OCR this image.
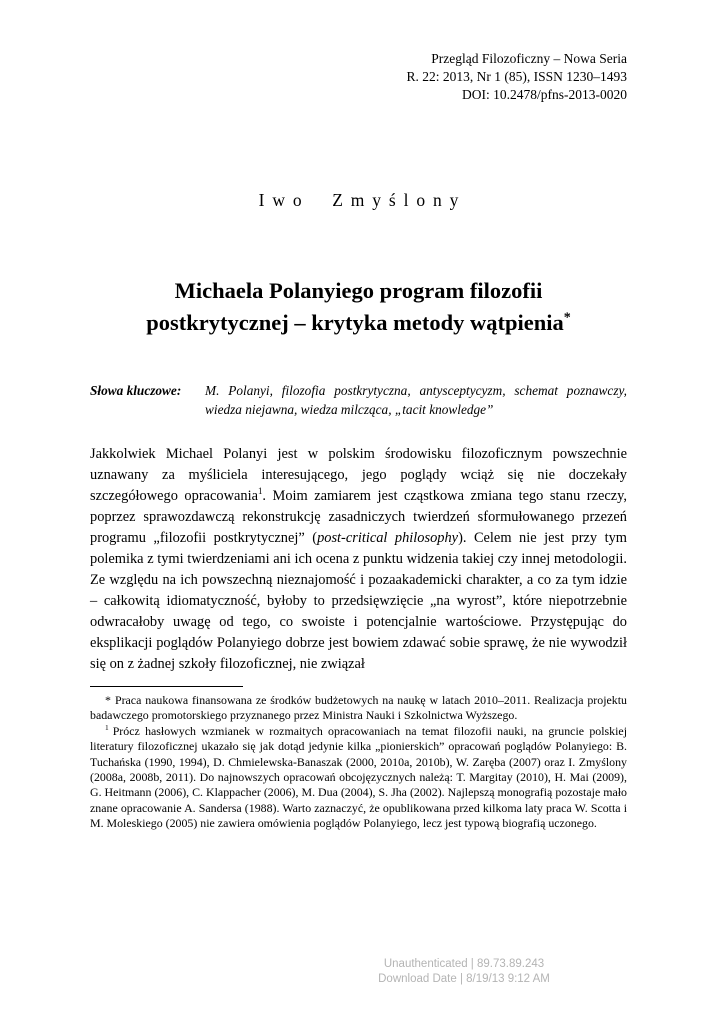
Przegląd Filozoficzny – Nowa Seria
R. 22: 2013, Nr 1 (85), ISSN 1230–1493
DOI: 10.2478/pfns-2013-0020
Iwo Zmyślony
Michaela Polanyiego program filozofii
postkrytycznej – krytyka metody wątpienia*
Słowa kluczowe:	M. Polanyi, filozofia postkrytyczna, antysceptycyzm, schemat poznawczy, wiedza niejawna, wiedza milcząca, „tacit knowledge”

Jakkolwiek Michael Polanyi jest w polskim środowisku filozoficznym powszechnie uznawany za myśliciela interesującego, jego poglądy wciąż się nie doczekały szczegółowego opracowania$^1$. Moim zamiarem jest cząstkowa zmiana tego stanu rzeczy, poprzez sprawozdawczą rekonstrukcję zasadniczych twierdzeń sformułowanego przezeń programu „filozofii postkrytycznej” (post-critical philosophy). Celem nie jest przy tym polemika z tymi twierdzeniami ani ich ocena z punktu widzenia takiej czy innej metodologii. Ze względu na ich powszechną nieznajomość i pozaakademicki charakter, a co za tym idzie – całkowitą idiomatyczność, byłoby to przedsięwzięcie „na wyrost”, które niepotrzebnie odwracałoby uwagę od tego, co swoiste i potencjalnie wartościowe. Przystępując do eksplikacji poglądów Polanyiego dobrze jest bowiem zdawać sobie sprawę, że nie wywodził się on z żadnej szkoły filozoficznej, nie związał

* Praca naukowa finansowana ze środków budżetowych na naukę w latach 2010–2011. Realizacja projektu badawczego promotorskiego przyznanego przez Ministra Nauki i Szkolnictwa Wyższego.

$^1$ Prócz hasłowych wzmianek w rozmaitych opracowaniach na temat filozofii nauki, na gruncie polskiej literatury filozoficznej ukazało się jak dotąd jedynie kilka „pionierskich” opracowań poglądów Polanyiego: B. Tuchańska (1990, 1994), D. Chmielewska-Banaszak (2000, 2010a, 2010b), W. Zaręba (2007) oraz I. Zmyślony (2008a, 2008b, 2011). Do najnowszych opracowań obcojęzycznych należą: T. Margitay (2010), H. Mai (2009), G. Heitmann (2006), C. Klappacher (2006), M. Dua (2004), S. Jha (2002). Najlepszą monografią pozostaje mało znane opracowanie A. Sandersa (1988). Warto zaznaczyć, że opublikowana przed kilkoma laty praca W. Scotta i M. Moleskiego (2005) nie zawiera omówienia poglądów Polanyiego, lecz jest typową biografią uczonego.

Unauthenticated | 89.73.89.243
Download Date | 8/19/13 9:12 AM
